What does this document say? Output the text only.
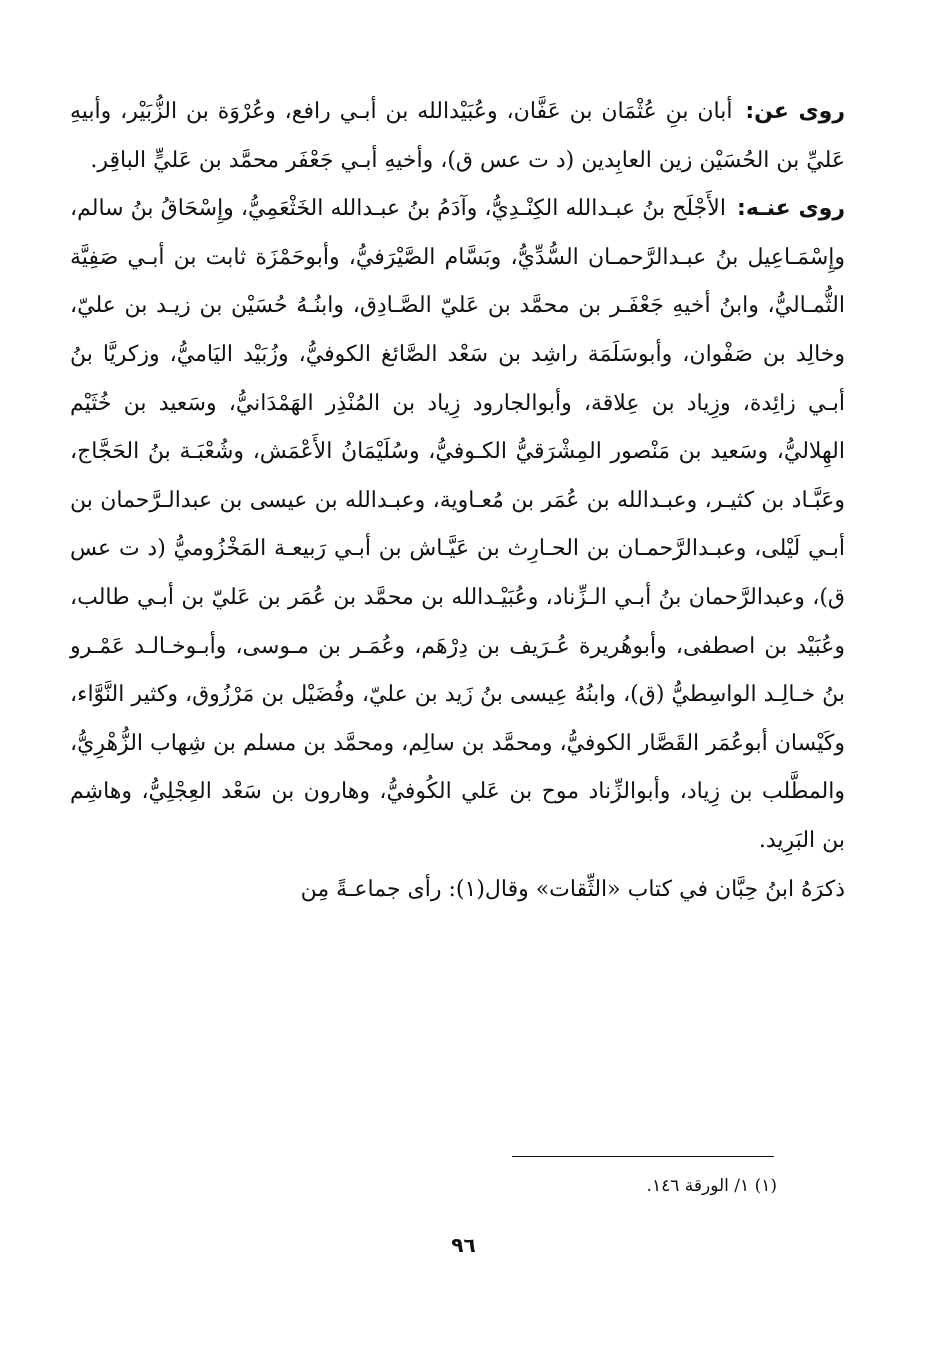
روى عن: أبان بنِ عُثْمَان بن عَفَّان، وعُبَيْدالله بن أبـي رافع، وعُرْوَة بن الزُّبَيْر، وأبيهِ عَليِّ بن الحُسَيْن زين العابِدين (د ت عس ق)، وأخيهِ أبـي جَعْفَر محمَّد بن عَليٍّ الباقِر.

روى عنـه: الأَجْلَح بنُ عبـدالله الكِنْـدِيُّ، وآدَمُ بنُ عبـدالله الخَثْعَمِيُّ، وإِسْحَاقُ بنُ سالم، وإِسْمَـاعِيل بنُ عبـدالرَّحمـان السُّدِّيُّ، وبَسَّام الصَّيْرَفيُّ، وأبوحَمْزَة ثابت بن أبـي صَفِيَّة الثُّمـاليُّ، وابنُ أخيهِ جَعْفَـر بن محمَّد بن عَليّ الصَّـادِق، وابنُـهُ حُسَيْن بن زيـد بن عليّ، وخالِد بن صَفْوان، وأبوسَلَمَة راشِد بن سَعْد الصَّائغ الكوفيُّ، وزُبَيْد اليَاميُّ، وزكريَّا بنُ أبـي زائِدة، وزِياد بن عِلاقة، وأبوالجارود زِياد بن المُنْذِر الهَمْدَانيُّ، وسَعيد بن خُثَيْم الهِلاليُّ، وسَعيد بن مَنْصور المِشْرَقيُّ الكـوفيُّ، وسُلَيْمَانُ الأَعْمَش، وشُعْبَـة بنُ الحَجَّاج، وعَبَّـاد بن كثيـر، وعبـدالله بن عُمَر بن مُعـاوية، وعبـدالله بن عيسى بن عبدالـرَّحمان بن أبـي لَيْلى، وعبـدالرَّحمـان بن الحـارِث بن عَيَّـاش بن أبـي رَبيعـة المَخْزُوميُّ (د ت عس ق)، وعبدالرَّحمان بنُ أبـي الـزِّناد، وعُبَيْـدالله بن محمَّد بن عُمَر بن عَليّ بن أبـي طالب، وعُبَيْد بن اصطفى، وأبوهُريرة عُـرَيف بن دِرْهَم، وعُمَـر بن مـوسى، وأبـوخـالـد عَمْـرو بنُ خـالِـد الواسِطيُّ (ق)، وابنُهُ عِيسى بنُ زَيد بن عليّ، وفُضَيْل بن مَرْزُوق، وكثير النَّوَّاء، وكَيْسان أبوعُمَر القَصَّار الكوفيُّ، ومحمَّد بن سالِم، ومحمَّد بن مسلم بن شِهاب الزُّهْرِيُّ، والمطَّلب بن زِياد، وأبوالزِّناد موح بن عَلي الكُوفيُّ، وهارون بن سَعْد العِجْلِيُّ، وهاشِم بن البَرِيد.

ذكرَهُ ابنُ حِبَّان في كتاب «الثِّقات» وقال(١): رأى جماعـةً مِن

(١) ١/ الورقة ١٤٦.
٩٦
